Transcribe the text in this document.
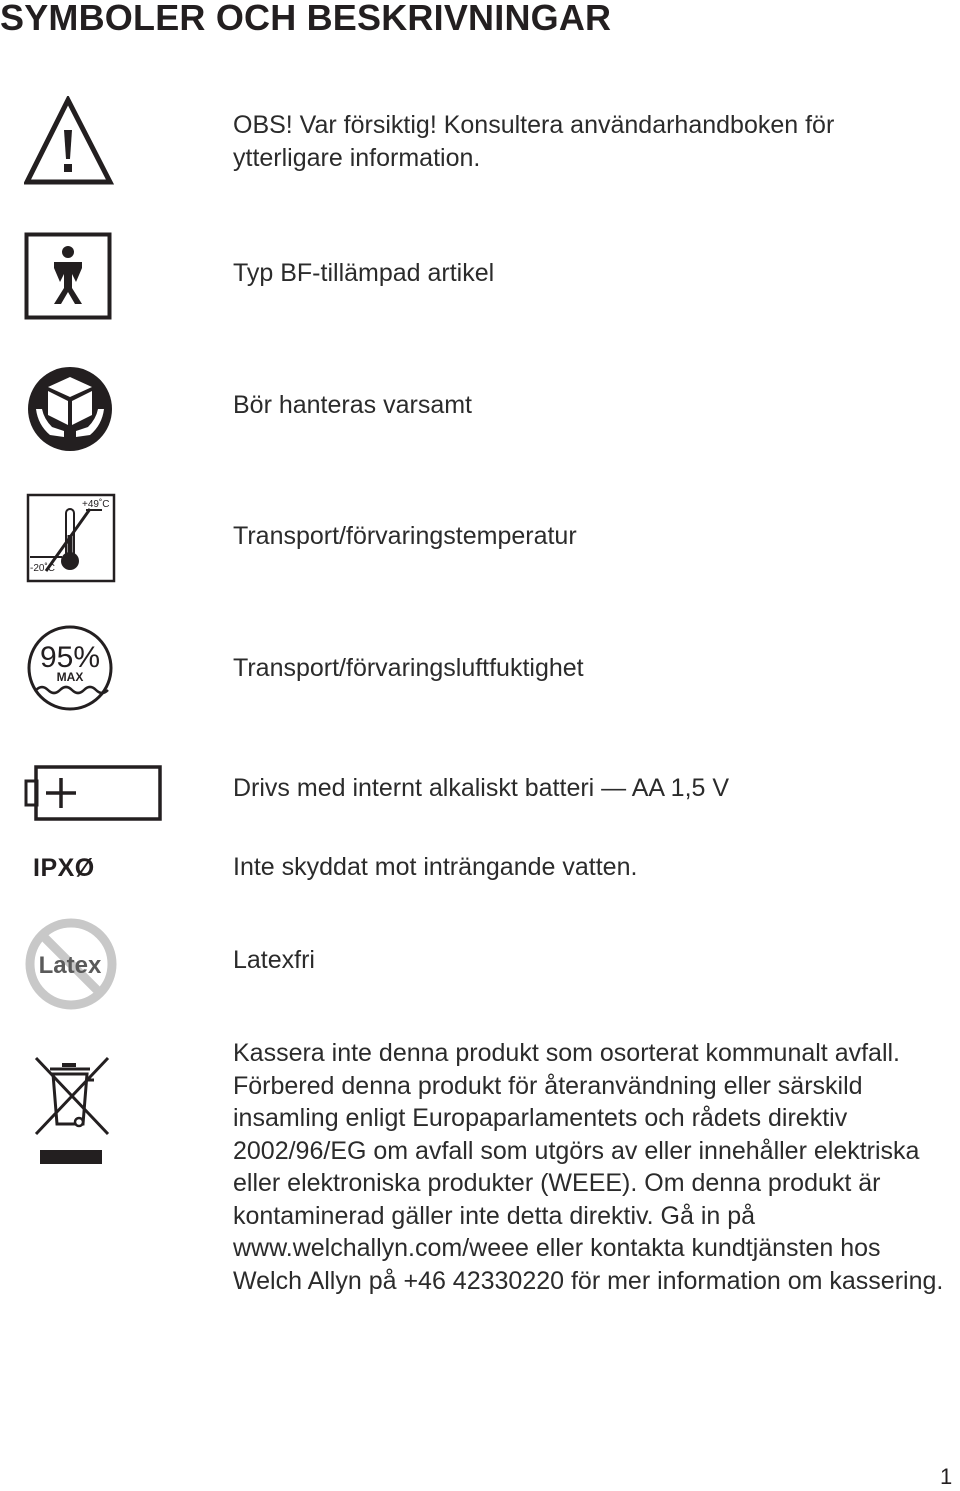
SYMBOLER OCH BESKRIVNINGAR
OBS! Var försiktig! Konsultera användarhandboken för ytterligare information.
Typ BF-tillämpad artikel
Bör hanteras varsamt
+49˚C
-20˚C
Transport/förvaringstemperatur
95%
MAX	Transport/förvaringsluftfuktighet
Drivs med internt alkaliskt batteri — AA 1,5 V
IPXØ	Inte skyddat mot inträngande vatten.
Latex	Latexfri
Kassera inte denna produkt som osorterat kommunalt avfall. Förbered denna produkt för återanvändning eller särskild insamling enligt Europaparlamentets och rådets direktiv 2002/96/EG om avfall som utgörs av eller innehåller elektriska eller elektroniska produkter (WEEE). Om denna produkt är kontaminerad gäller inte detta direktiv. Gå in på www.welchallyn.com/weee eller kontakta kundtjänsten hos Welch Allyn på +46 42330220 för mer information om kassering.
1
